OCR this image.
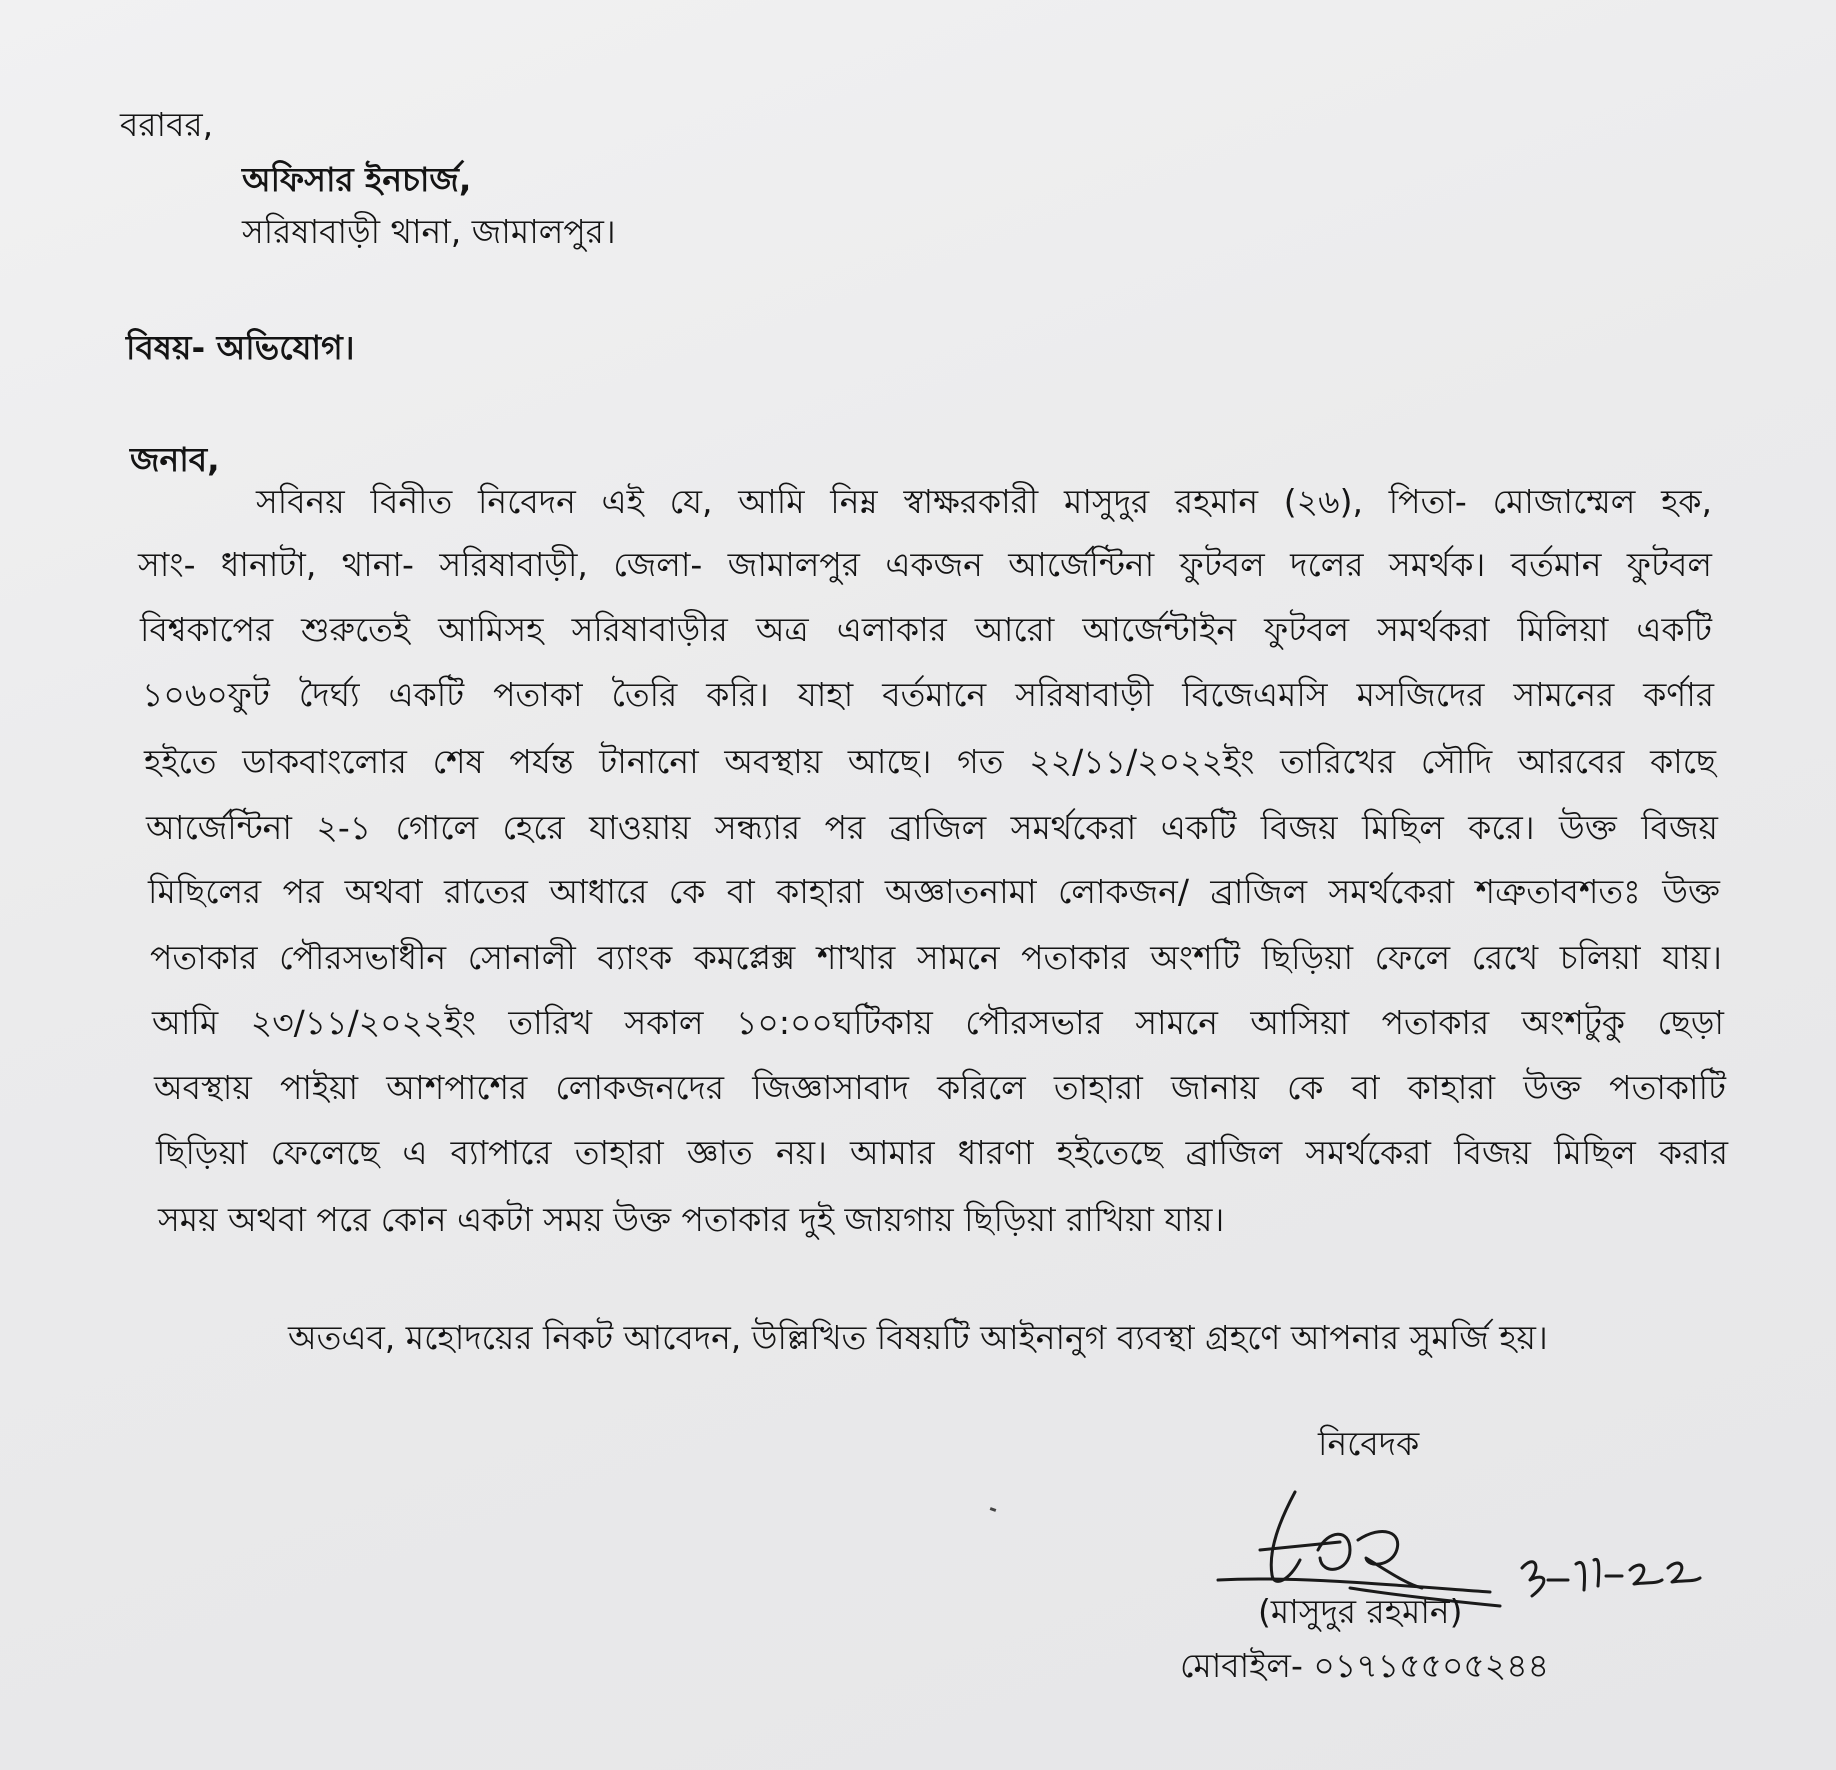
বরাবর,
অফিসার ইনচার্জ,
সরিষাবাড়ী থানা, জামালপুর।
বিষয়- অভিযোগ।
জনাব,
সবিনয় বিনীত নিবেদন এই যে, আমি নিম্ন স্বাক্ষরকারী মাসুদুর রহমান (২৬), পিতা- মোজাম্মেল হক,
সাং- ধানাটা, থানা- সরিষাবাড়ী, জেলা- জামালপুর একজন আর্জেন্টিনা ফুটবল দলের সমর্থক। বর্তমান ফুটবল
বিশ্বকাপের শুরুতেই আমিসহ সরিষাবাড়ীর অত্র এলাকার আরো আর্জেন্টাইন ফুটবল সমর্থকরা মিলিয়া একটি
১০৬০ফুট দৈর্ঘ্য একটি পতাকা তৈরি করি। যাহা বর্তমানে সরিষাবাড়ী বিজেএমসি মসজিদের সামনের কর্ণার
হইতে ডাকবাংলোর শেষ পর্যন্ত টানানো অবস্থায় আছে। গত ২২/১১/২০২২ইং তারিখের সৌদি আরবের কাছে
আর্জেন্টিনা ২-১ গোলে হেরে যাওয়ায় সন্ধ্যার পর ব্রাজিল সমর্থকেরা একটি বিজয় মিছিল করে। উক্ত বিজয়
মিছিলের পর অথবা রাতের আধারে কে বা কাহারা অজ্ঞাতনামা লোকজন/ ব্রাজিল সমর্থকেরা শত্রুতাবশতঃ উক্ত
পতাকার পৌরসভাধীন সোনালী ব্যাংক কমপ্লেক্স শাখার সামনে পতাকার অংশটি ছিড়িয়া ফেলে রেখে চলিয়া যায়।
আমি ২৩/১১/২০২২ইং তারিখ সকাল ১০:০০ঘটিকায় পৌরসভার সামনে আসিয়া পতাকার অংশটুকু ছেড়া
অবস্থায় পাইয়া আশপাশের লোকজনদের জিজ্ঞাসাবাদ করিলে তাহারা জানায় কে বা কাহারা উক্ত পতাকাটি
ছিড়িয়া ফেলেছে এ ব্যাপারে তাহারা জ্ঞাত নয়। আমার ধারণা হইতেছে ব্রাজিল সমর্থকেরা বিজয় মিছিল করার
সময় অথবা পরে কোন একটা সময় উক্ত পতাকার দুই জায়গায় ছিড়িয়া রাখিয়া যায়।
অতএব, মহোদয়ের নিকট আবেদন, উল্লিখিত বিষয়টি আইনানুগ ব্যবস্থা গ্রহণে আপনার সুমর্জি হয়।
নিবেদক
23-11-22
(মাসুদুর রহমান)
মোবাইল- ০১৭১৫৫০৫২৪৪
